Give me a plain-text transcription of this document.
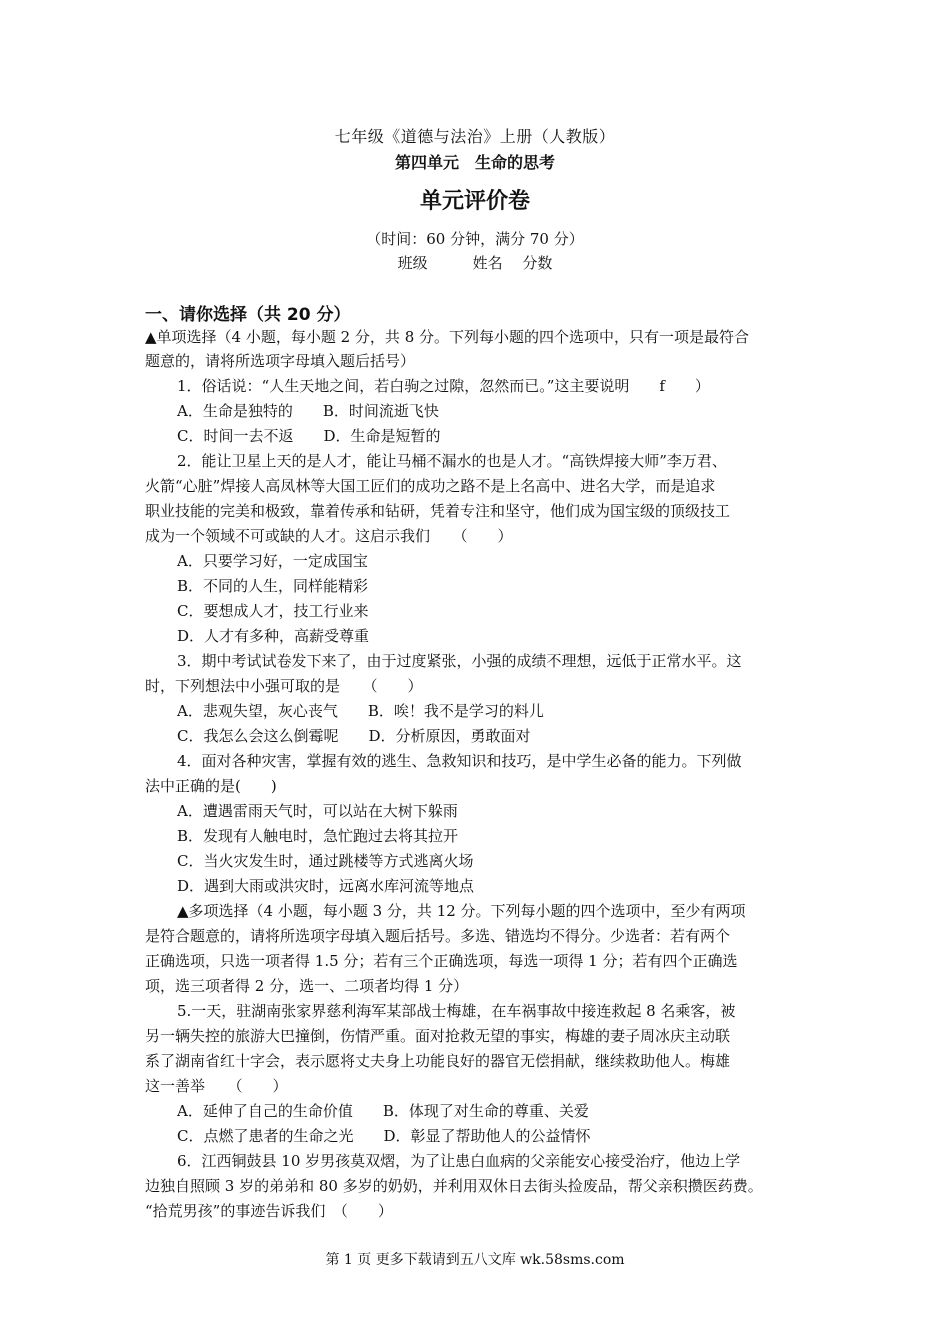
七年级《道德与法治》上册（人教版）
第四单元　生命的思考
单元评价卷
（时间：60 分钟，满分 70 分）
班级　　　姓名　 分数
一、请你选择（共 20 分）
▲单项选择（4 小题，每小题 2 分，共 8 分。下列每小题的四个选项中，只有一项是最符合
题意的，请将所选项字母填入题后括号）
1．俗话说：“人生天地之间，若白驹之过隙，忽然而已。”这主要说明　　f　　）
A．生命是独特的　　B．时间流逝飞快
C．时间一去不返　　D．生命是短暂的
2．能让卫星上天的是人才，能让马桶不漏水的也是人才。“高铁焊接大师”李万君、
火箭“心脏”焊接人高凤林等大国工匠们的成功之路不是上名高中、进名大学，而是追求
职业技能的完美和极致，靠着传承和钻研，凭着专注和坚守，他们成为国宝级的顶级技工
成为一个领域不可或缺的人才。这启示我们　　（　　）
A．只要学习好，一定成国宝
B．不同的人生，同样能精彩
C．要想成人才，技工行业来
D．人才有多种，高薪受尊重
3．期中考试试卷发下来了，由于过度紧张，小强的成绩不理想，远低于正常水平。这
时，下列想法中小强可取的是　　（　　）
A．悲观失望，灰心丧气　　B．唉！我不是学习的料儿
C．我怎么会这么倒霉呢　　D．分析原因，勇敢面对
4．面对各种灾害，掌握有效的逃生、急救知识和技巧，是中学生必备的能力。下列做
法中正确的是(　　)
A．遭遇雷雨天气时，可以站在大树下躲雨
B．发现有人触电时，急忙跑过去将其拉开
C．当火灾发生时，通过跳楼等方式逃离火场
D．遇到大雨或洪灾时，远离水库河流等地点
▲多项选择（4 小题，每小题 3 分，共 12 分。下列每小题的四个选项中，至少有两项
是符合题意的，请将所选项字母填入题后括号。多选、错选均不得分。少选者：若有两个
正确选项，只选一项者得 1.5 分；若有三个正确选项，每选一项得 1 分；若有四个正确选
项，选三项者得 2 分，选一、二项者均得 1 分）
5.一天，驻湖南张家界慈利海军某部战士梅雄，在车祸事故中接连救起 8 名乘客，被
另一辆失控的旅游大巴撞倒，伤情严重。面对抢救无望的事实，梅雄的妻子周冰庆主动联
系了湖南省红十字会，表示愿将丈夫身上功能良好的器官无偿捐献，继续救助他人。梅雄
这一善举　　（　　）
A．延伸了自己的生命价值　　B．体现了对生命的尊重、关爱
C．点燃了患者的生命之光　　D．彰显了帮助他人的公益情怀
6．江西铜鼓县 10 岁男孩莫双熠，为了让患白血病的父亲能安心接受治疗，他边上学
边独自照顾 3 岁的弟弟和 80 多岁的奶奶，并利用双休日去街头捡废品，帮父亲积攒医药费。
“拾荒男孩”的事迹告诉我们　（　　）
第 1 页 更多下载请到五八文库 wk.58sms.com
